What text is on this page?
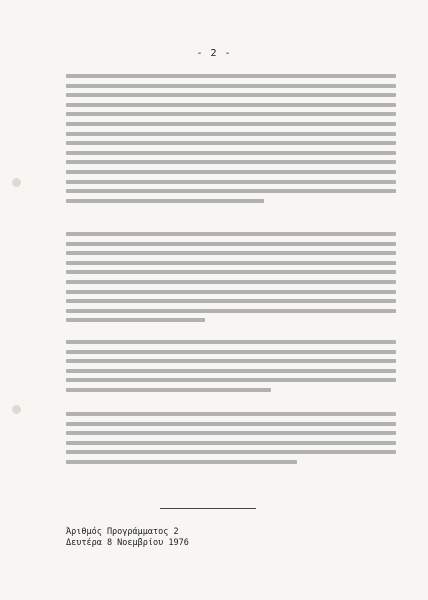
- 2 -
Ἀριθμός Προγράμματος 2
Δευτέρα 8 Νοεμβρίου 1976
